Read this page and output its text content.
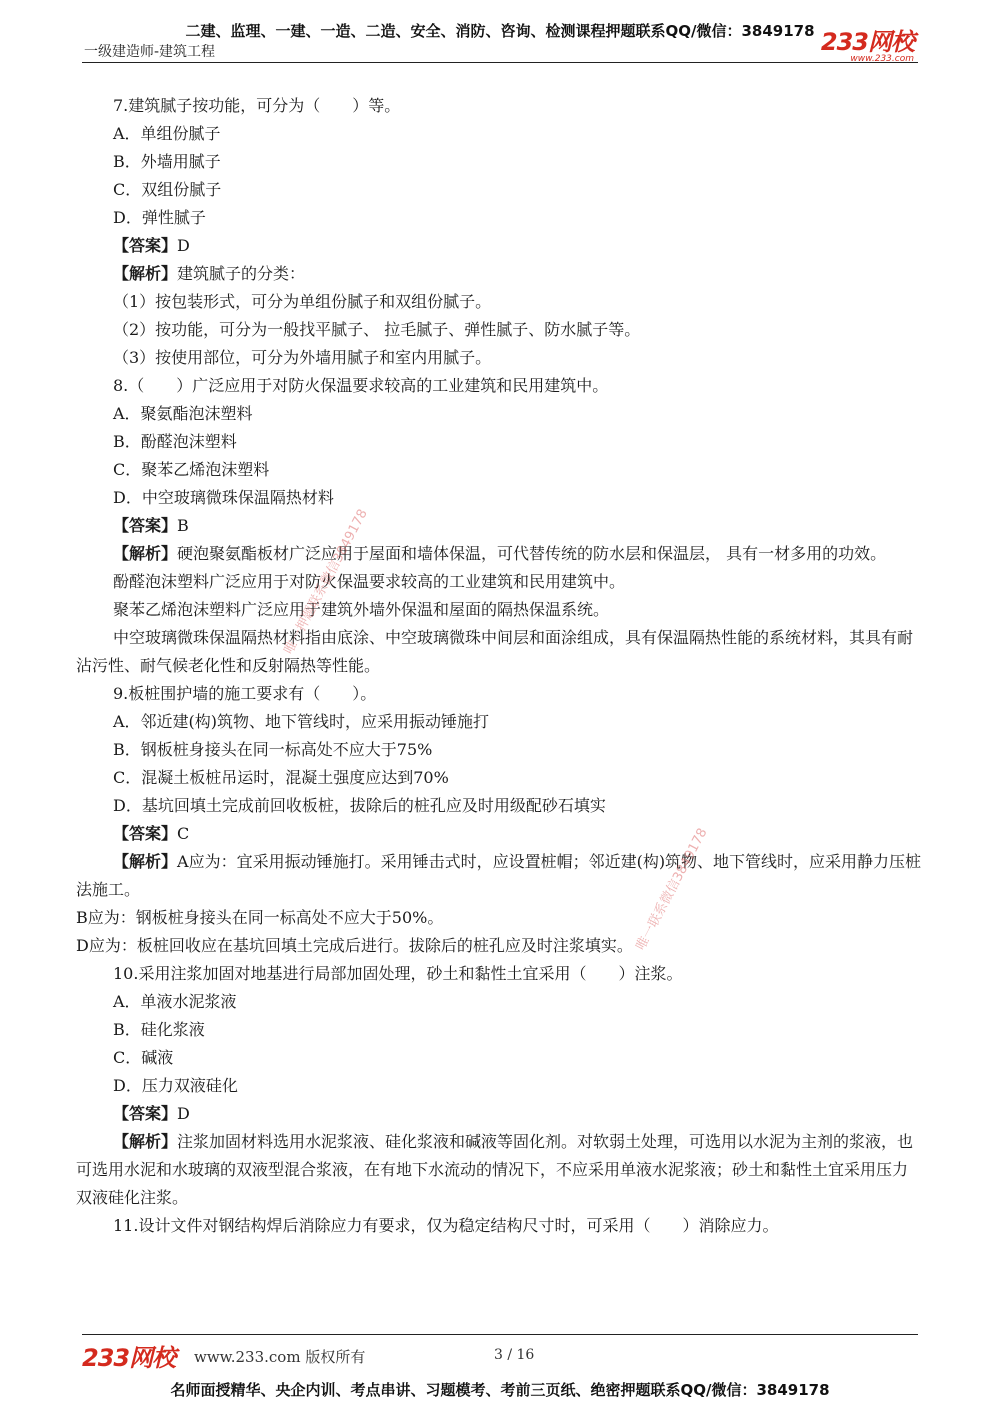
二建、监理、一建、一造、二造、安全、消防、咨询、检测课程押题联系QQ/微信：3849178
一级建造师-建筑工程	233网校
www.233.com
7.建筑腻子按功能，可分为（　　）等。
A．单组份腻子
B．外墙用腻子
C．双组份腻子
D．弹性腻子
【答案】D
【解析】建筑腻子的分类：
（1）按包装形式，可分为单组份腻子和双组份腻子。
（2）按功能，可分为一般找平腻子、 拉毛腻子、弹性腻子、防水腻子等。
（3）按使用部位，可分为外墙用腻子和室内用腻子。
8.（　　）广泛应用于对防火保温要求较高的工业建筑和民用建筑中。
A．聚氨酯泡沫塑料
B．酚醛泡沫塑料
C．聚苯乙烯泡沫塑料
D．中空玻璃微珠保温隔热材料
【答案】B
【解析】硬泡聚氨酯板材广泛应用于屋面和墙体保温，可代替传统的防水层和保温层， 具有一材多用的功效。
酚醛泡沫塑料广泛应用于对防火保温要求较高的工业建筑和民用建筑中。
聚苯乙烯泡沫塑料广泛应用于建筑外墙外保温和屋面的隔热保温系统。
中空玻璃微珠保温隔热材料指由底涂、中空玻璃微珠中间层和面涂组成，具有保温隔热性能的系统材料，其具有耐沾污性、耐气候老化性和反射隔热等性能。
9.板桩围护墙的施工要求有（　　）。
A．邻近建(构)筑物、地下管线时，应采用振动锤施打
B．钢板桩身接头在同一标高处不应大于75%
C．混凝土板桩吊运时，混凝土强度应达到70%
D．基坑回填土完成前回收板桩，拔除后的桩孔应及时用级配砂石填实
【答案】C
【解析】A应为：宜采用振动锤施打。采用锤击式时，应设置桩帽；邻近建(构)筑物、地下管线时，应采用静力压桩法施工。
B应为：钢板桩身接头在同一标高处不应大于50%。
D应为：板桩回收应在基坑回填土完成后进行。拔除后的桩孔应及时注浆填实。
10.采用注浆加固对地基进行局部加固处理，砂土和黏性土宜采用（　　）注浆。
A．单液水泥浆液
B．硅化浆液
C．碱液
D．压力双液硅化
【答案】D
【解析】注浆加固材料选用水泥浆液、硅化浆液和碱液等固化剂。对软弱土处理，可选用以水泥为主剂的浆液，也可选用水泥和水玻璃的双液型混合浆液，在有地下水流动的情况下，不应采用单液水泥浆液；砂土和黏性土宜采用压力双液硅化注浆。
11.设计文件对钢结构焊后消除应力有要求，仅为稳定结构尺寸时，可采用（　　）消除应力。
唯一押题联系微信3849178
唯一联系微信3849178
233网校 www.233.com 版权所有	3 / 16
名师面授精华、央企内训、考点串讲、习题模考、考前三页纸、绝密押题联系QQ/微信：3849178
